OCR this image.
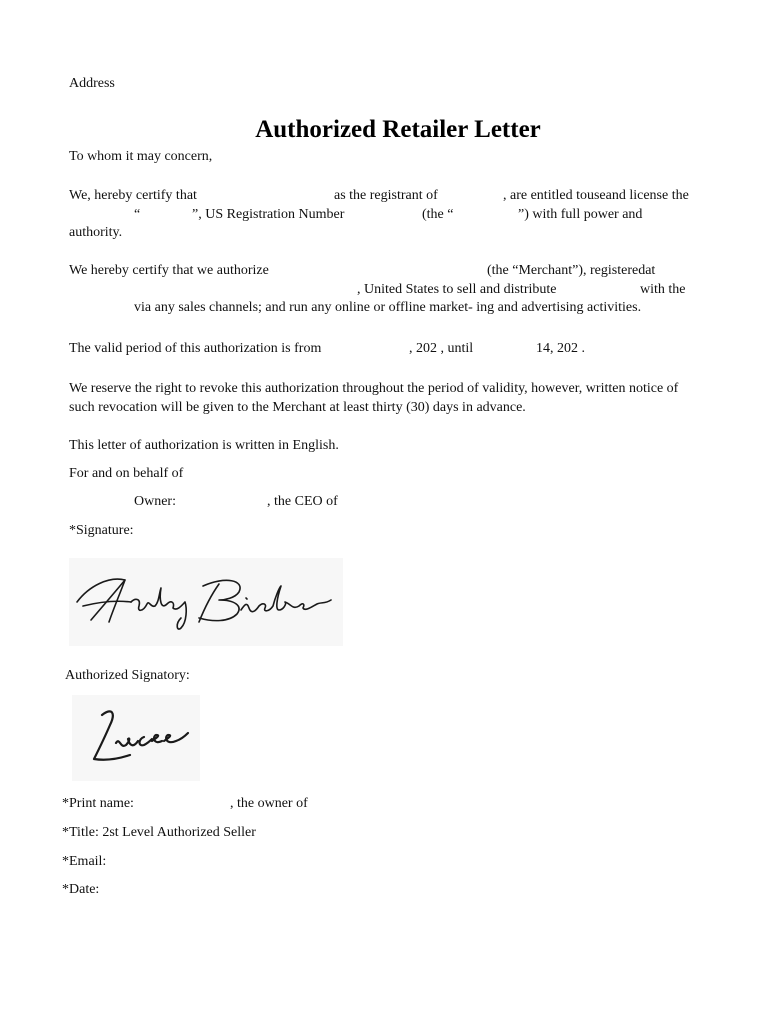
Address
Authorized Retailer Letter
To whom it may concern,
We, hereby certify that	as the registrant of	, are entitled touseand license the
“	”, US Registration Number	(the “	”) with full power and
authority.
We hereby certify that we authorize	(the “Merchant”), registeredat
, United States to sell and distribute	with the
via any sales channels; and run any online or offline market- ing and advertising activities.
The valid period of this authorization is from	, 202 , until	14, 202 .
We reserve the right to revoke this authorization throughout the period of validity, however, written notice of
such revocation will be given to the Merchant at least thirty (30) days in advance.
This letter of authorization is written in English.
For and on behalf of
Owner:	, the CEO of
*Signature:
Authorized Signatory:
*Print name:	, the owner of
*Title: 2st Level Authorized Seller
*Email:
*Date:
